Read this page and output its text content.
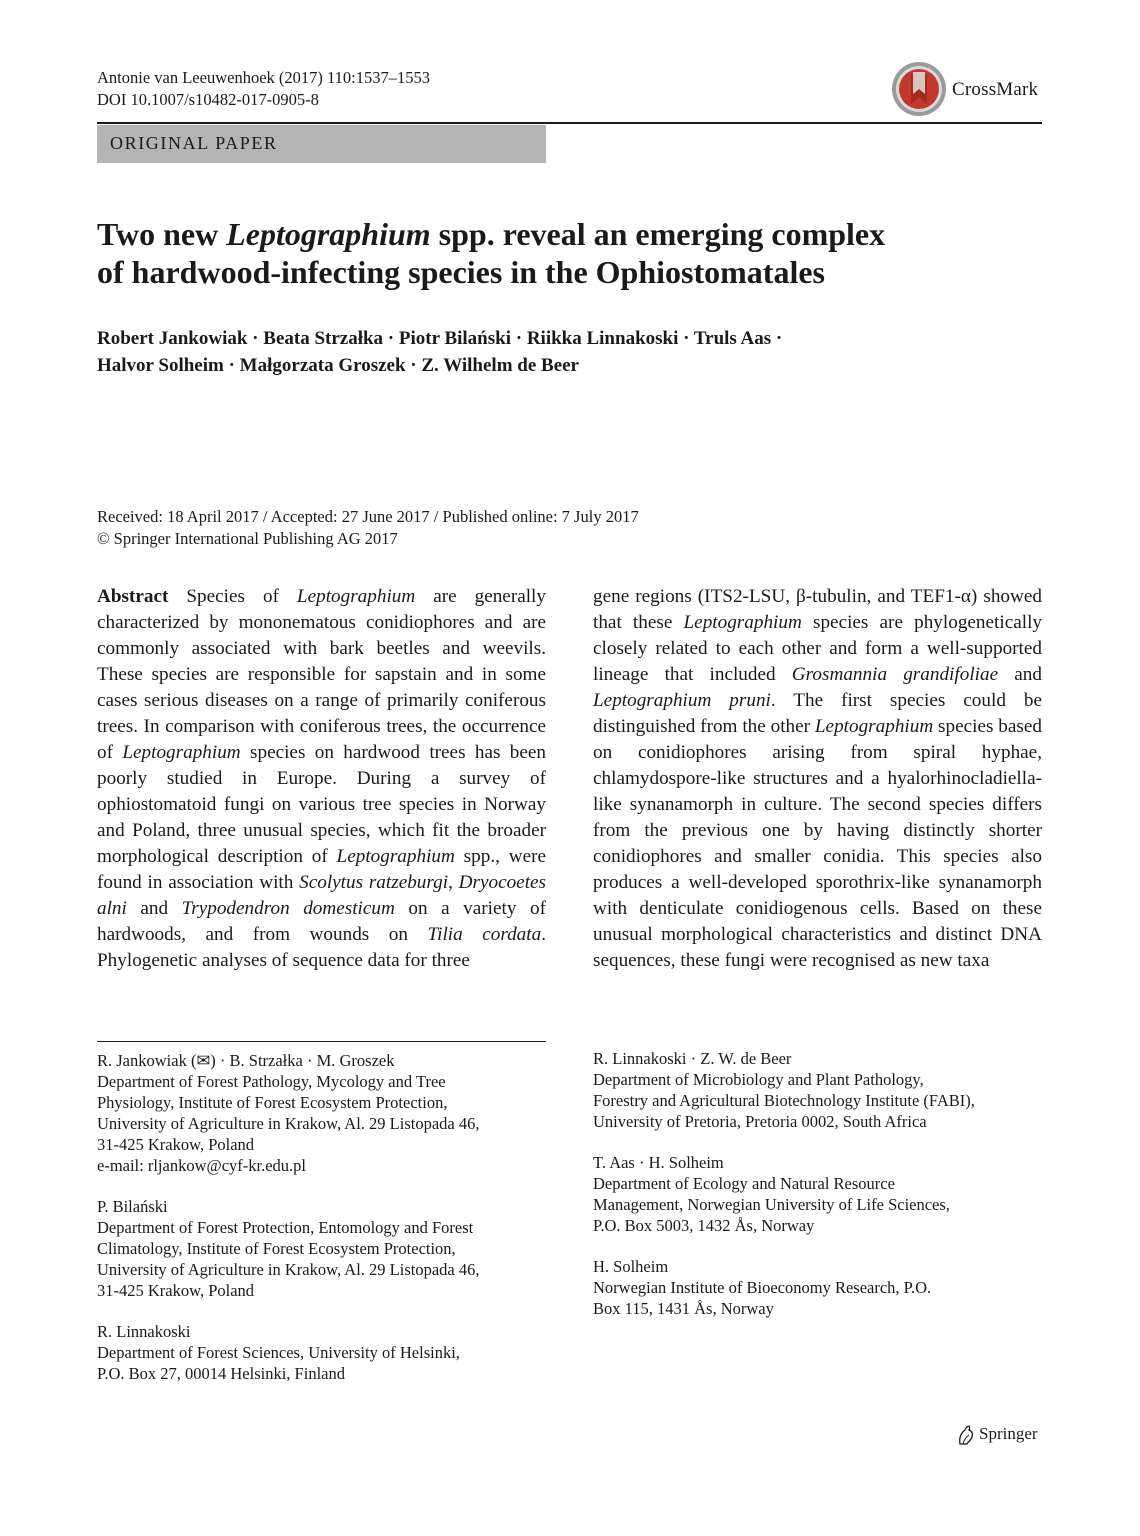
Antonie van Leeuwenhoek (2017) 110:1537–1553
DOI 10.1007/s10482-017-0905-8	CrossMark
ORIGINAL PAPER
Two new Leptographium spp. reveal an emerging complex
of hardwood-infecting species in the Ophiostomatales
Robert Jankowiak · Beata Strzałka · Piotr Bilański · Riikka Linnakoski · Truls Aas ·
Halvor Solheim · Małgorzata Groszek · Z. Wilhelm de Beer
Received: 18 April 2017 / Accepted: 27 June 2017 / Published online: 7 July 2017
© Springer International Publishing AG 2017
Abstract Species of Leptographium are generally characterized by mononematous conidiophores and are commonly associated with bark beetles and weevils. These species are responsible for sapstain and in some cases serious diseases on a range of primarily coniferous trees. In comparison with coniferous trees, the occurrence of Leptographium species on hardwood trees has been poorly studied in Europe. During a survey of ophiostomatoid fungi on various tree species in Norway and Poland, three unusual species, which fit the broader morphological description of Leptographium spp., were found in association with Scolytus ratzeburgi, Dryocoetes alni and Trypodendron domesticum on a variety of hardwoods, and from wounds on Tilia cordata. Phylogenetic analyses of sequence data for three
gene regions (ITS2-LSU, β-tubulin, and TEF1-α) showed that these Leptographium species are phylogenetically closely related to each other and form a well-supported lineage that included Grosmannia grandifoliae and Leptographium pruni. The first species could be distinguished from the other Leptographium species based on conidiophores arising from spiral hyphae, chlamydospore-like structures and a hyalorhinocladiella-like synanamorph in culture. The second species differs from the previous one by having distinctly shorter conidiophores and smaller conidia. This species also produces a well-developed sporothrix-like synanamorph with denticulate conidiogenous cells. Based on these unusual morphological characteristics and distinct DNA sequences, these fungi were recognised as new taxa
R. Jankowiak (✉) · B. Strzałka · M. Groszek
Department of Forest Pathology, Mycology and Tree
Physiology, Institute of Forest Ecosystem Protection,
University of Agriculture in Krakow, Al. 29 Listopada 46,
31-425 Krakow, Poland
e-mail: rljankow@cyf-kr.edu.pl
P. Bilański
Department of Forest Protection, Entomology and Forest
Climatology, Institute of Forest Ecosystem Protection,
University of Agriculture in Krakow, Al. 29 Listopada 46,
31-425 Krakow, Poland
R. Linnakoski
Department of Forest Sciences, University of Helsinki,
P.O. Box 27, 00014 Helsinki, Finland
R. Linnakoski · Z. W. de Beer
Department of Microbiology and Plant Pathology,
Forestry and Agricultural Biotechnology Institute (FABI),
University of Pretoria, Pretoria 0002, South Africa
T. Aas · H. Solheim
Department of Ecology and Natural Resource
Management, Norwegian University of Life Sciences,
P.O. Box 5003, 1432 Ås, Norway
H. Solheim
Norwegian Institute of Bioeconomy Research, P.O.
Box 115, 1431 Ås, Norway
Springer
